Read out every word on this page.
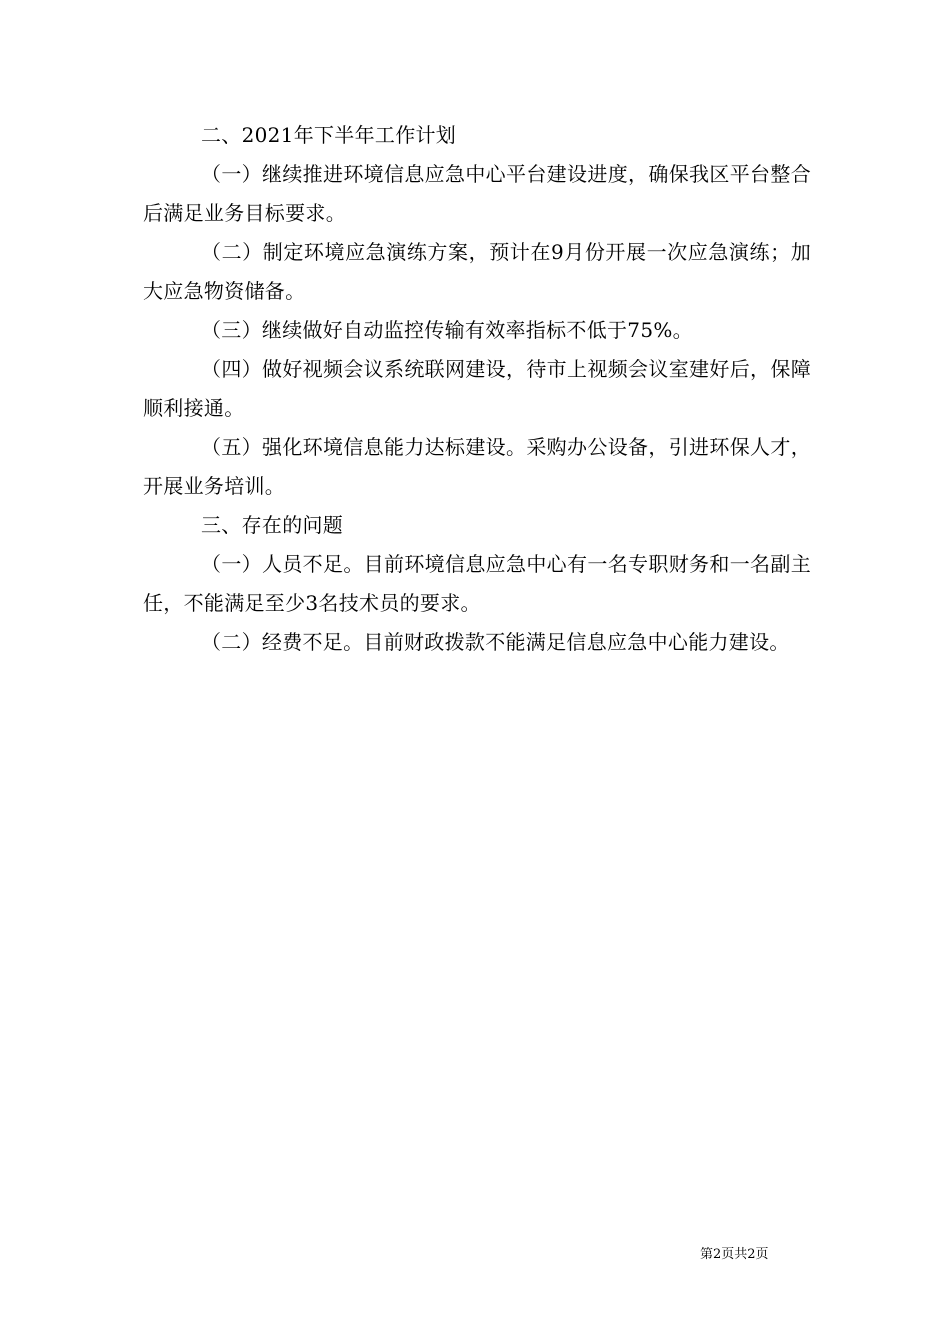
二、2021年下半年工作计划

（一）继续推进环境信息应急中心平台建设进度，确保我区平台整合后满足业务目标要求。

（二）制定环境应急演练方案，预计在9月份开展一次应急演练；加大应急物资储备。

（三）继续做好自动监控传输有效率指标不低于75%。

（四）做好视频会议系统联网建设，待市上视频会议室建好后，保障顺利接通。

（五）强化环境信息能力达标建设。采购办公设备，引进环保人才，开展业务培训。

三、存在的问题

（一）人员不足。目前环境信息应急中心有一名专职财务和一名副主任，不能满足至少3名技术员的要求。

（二）经费不足。目前财政拨款不能满足信息应急中心能力建设。

第2页共2页
